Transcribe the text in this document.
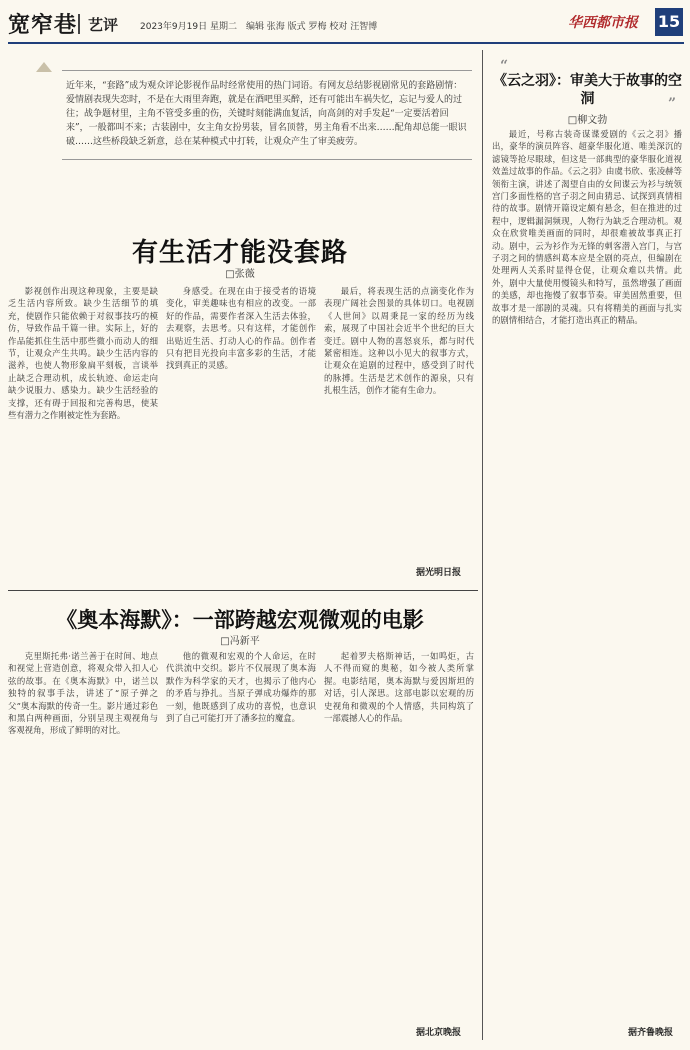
宽窄巷 艺评 2023年9月19日 星期二　编辑 张海 版式 罗梅 校对 汪智博	华西都市报 15
近年来，“套路”成为观众评论影视作品时经常使用的热门词语。有网友总结影视剧常见的套路剧情：爱情剧表现失恋时，不是在大雨里奔跑，就是在酒吧里买醉，还有可能出车祸失忆，忘记与爱人的过往；战争题材里，主角不管受多重的伤，关键时刻能满血复活，向高剑的对手发起“一定要活着回来”，一般都叫不来；古装剧中，女主角女扮男装，冒名顶替，男主角看不出来……配角却总能一眼识破……这些桥段缺乏新意，总在某种模式中打转，让观众产生了审美疲劳。
有生活才能没套路
□张薇

影视创作出现这种现象，主要是缺乏生活内容所致。缺少生活细节的填充，使剧作只能依赖于对叙事技巧的模仿，导致作品千篇一律。实际上，好的作品能抓住生活中那些微小而动人的细节，让观众产生共鸣。缺少生活内容的滋养，也使人物形象扁平刻板，言谈举止缺乏合理动机，成长轨迹、命运走向缺少说服力、感染力。缺少生活经验的支撑，还有碍于回报和完善构思，使某些有潜力之作刚被定性为套路。

身感受。在现在由于接受者的语境变化，审美趣味也有相应的改变。一部好的作品，需要作者深入生活去体验，去观察，去思考。只有这样，才能创作出贴近生活、打动人心的作品。创作者只有把目光投向丰富多彩的生活，才能找到真正的灵感。

最后，将表现生活的点滴变化作为表现广阔社会图景的具体切口。电视剧《人世间》以周秉昆一家的经历为线索，展现了中国社会近半个世纪的巨大变迁。剧中人物的喜怒哀乐，都与时代紧密相连。这种以小见大的叙事方式，让观众在追剧的过程中，感受到了时代的脉搏。生活是艺术创作的源泉，只有扎根生活，创作才能有生命力。

据光明日报
《奥本海默》：一部跨越宏观微观的电影
□冯新平

克里斯托弗·诺兰善于在时间、地点和视觉上营造创意，将观众带入扣人心弦的故事。在《奥本海默》中，诺兰以独特的叙事手法，讲述了“原子弹之父”奥本海默的传奇一生。影片通过彩色和黑白两种画面，分别呈现主观视角与客观视角，形成了鲜明的对比。

他的微观和宏观的个人命运，在时代洪流中交织。影片不仅展现了奥本海默作为科学家的天才，也揭示了他内心的矛盾与挣扎。当原子弹成功爆炸的那一刻，他既感到了成功的喜悦，也意识到了自己可能打开了潘多拉的魔盒。

起着罗夫格斯神话，一如鸣炬，古人不得而窥的奥秘，如今被人类所掌握。电影结尾，奥本海默与爱因斯坦的对话，引人深思。这部电影以宏观的历史视角和微观的个人情感，共同构筑了一部震撼人心的作品。

据北京晚报
“
”
《云之羽》：审美大于故事的空洞
□柳文勃

最近，号称古装奇谋谍爱剧的《云之羽》播出，豪华的演员阵容、超豪华服化道、唯美深沉的滤镜等抢尽眼球，但这是一部典型的豪华服化道视效盖过故事的作品。《云之羽》由虞书欣、张凌赫等领衔主演，讲述了渴望自由的女间谍云为衫与统领宫门多面性格的宫子羽之间由猜忌、试探到真情相待的故事。剧情开篇设定颇有悬念，但在推进的过程中，逻辑漏洞频现，人物行为缺乏合理动机。观众在欣赏唯美画面的同时，却很难被故事真正打动。剧中，云为衫作为无锋的刺客潜入宫门，与宫子羽之间的情感纠葛本应是全剧的亮点，但编剧在处理两人关系时显得仓促，让观众难以共情。此外，剧中大量使用慢镜头和特写，虽然增强了画面的美感，却也拖慢了叙事节奏。审美固然重要，但故事才是一部剧的灵魂。只有将精美的画面与扎实的剧情相结合，才能打造出真正的精品。

据齐鲁晚报
